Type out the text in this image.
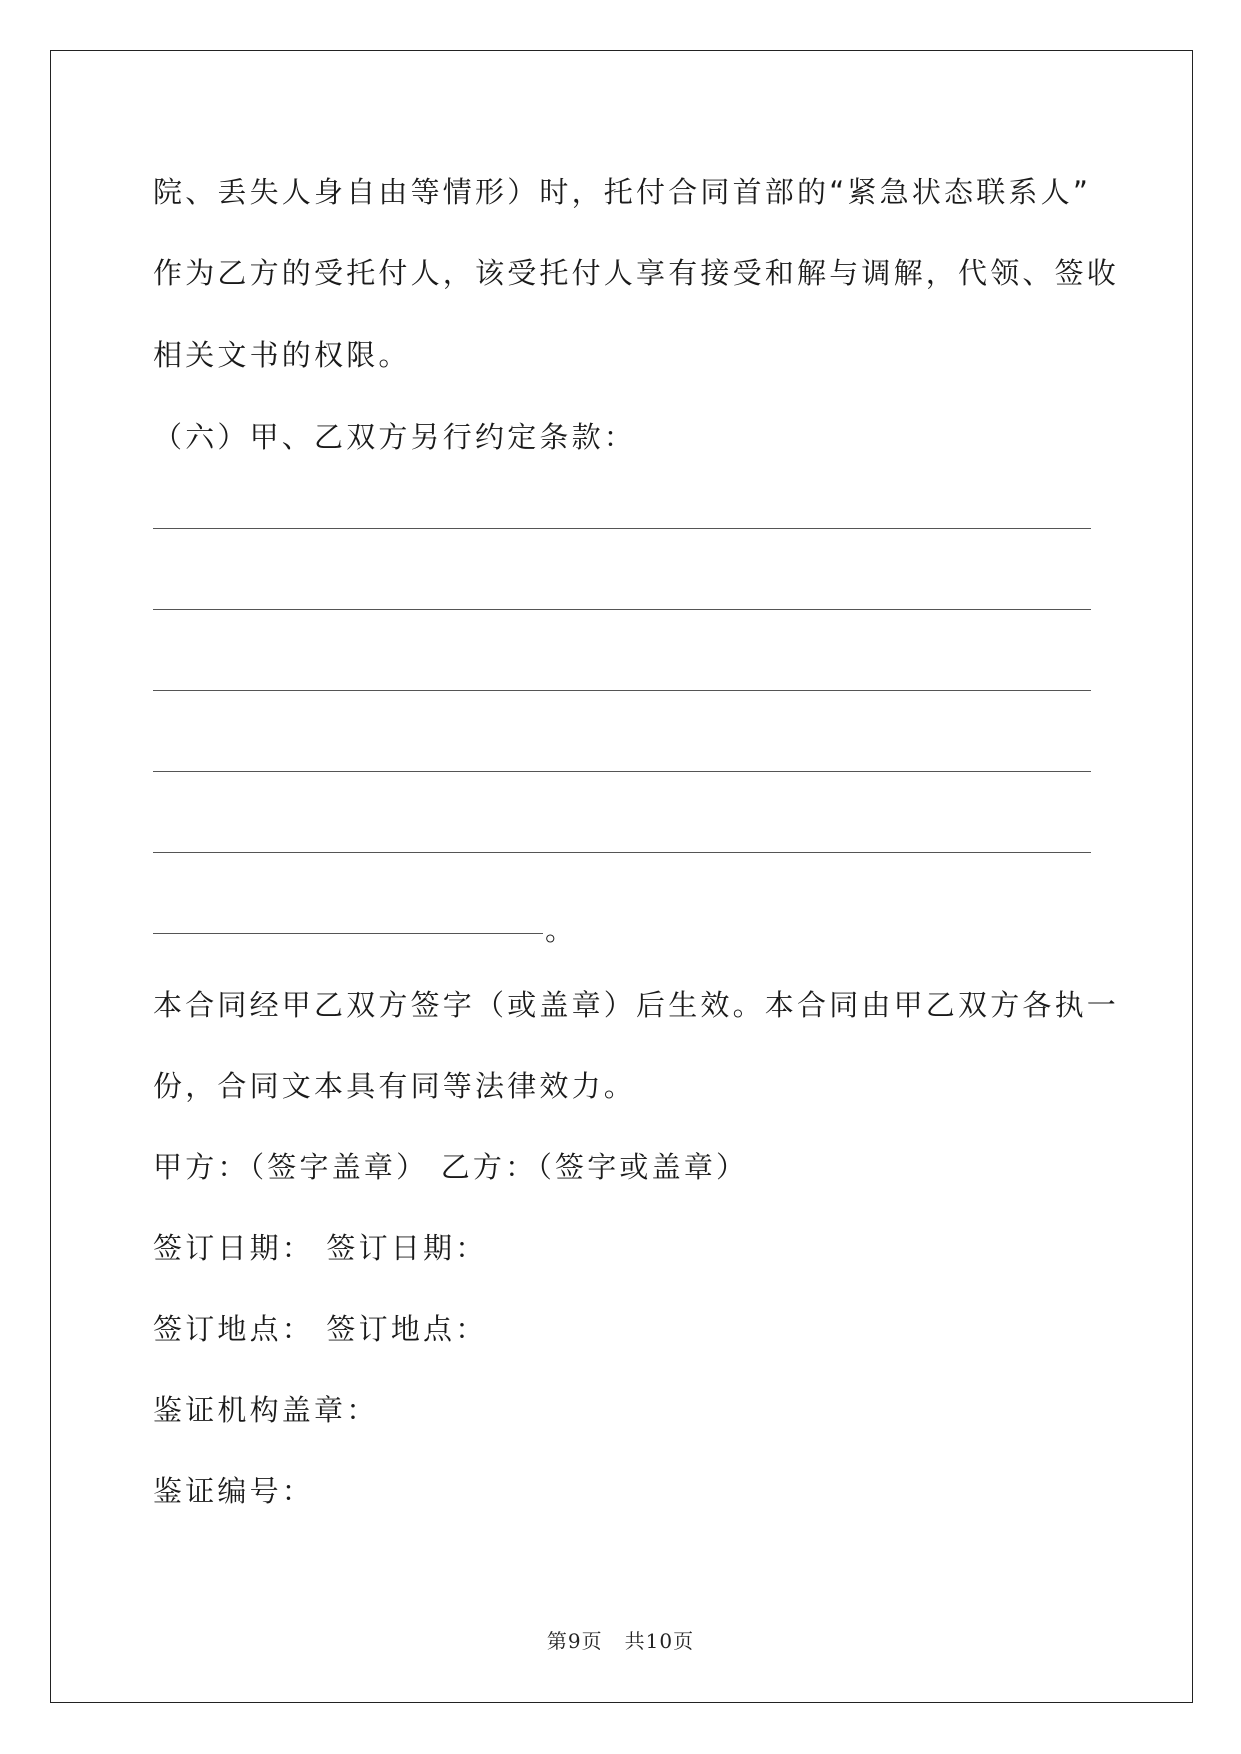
院、丢失人身自由等情形）时，托付合同首部的“紧急状态联系人”
作为乙方的受托付人，该受托付人享有接受和解与调解，代领、签收
相关文书的权限。
（六）甲、乙双方另行约定条款：
。
本合同经甲乙双方签字（或盖章）后生效。本合同由甲乙双方各执一
份，合同文本具有同等法律效力。
甲方：（签字盖章） 乙方：（签字或盖章）
签订日期： 签订日期：
签订地点： 签订地点：
鉴证机构盖章：
鉴证编号：
第9页 共10页
